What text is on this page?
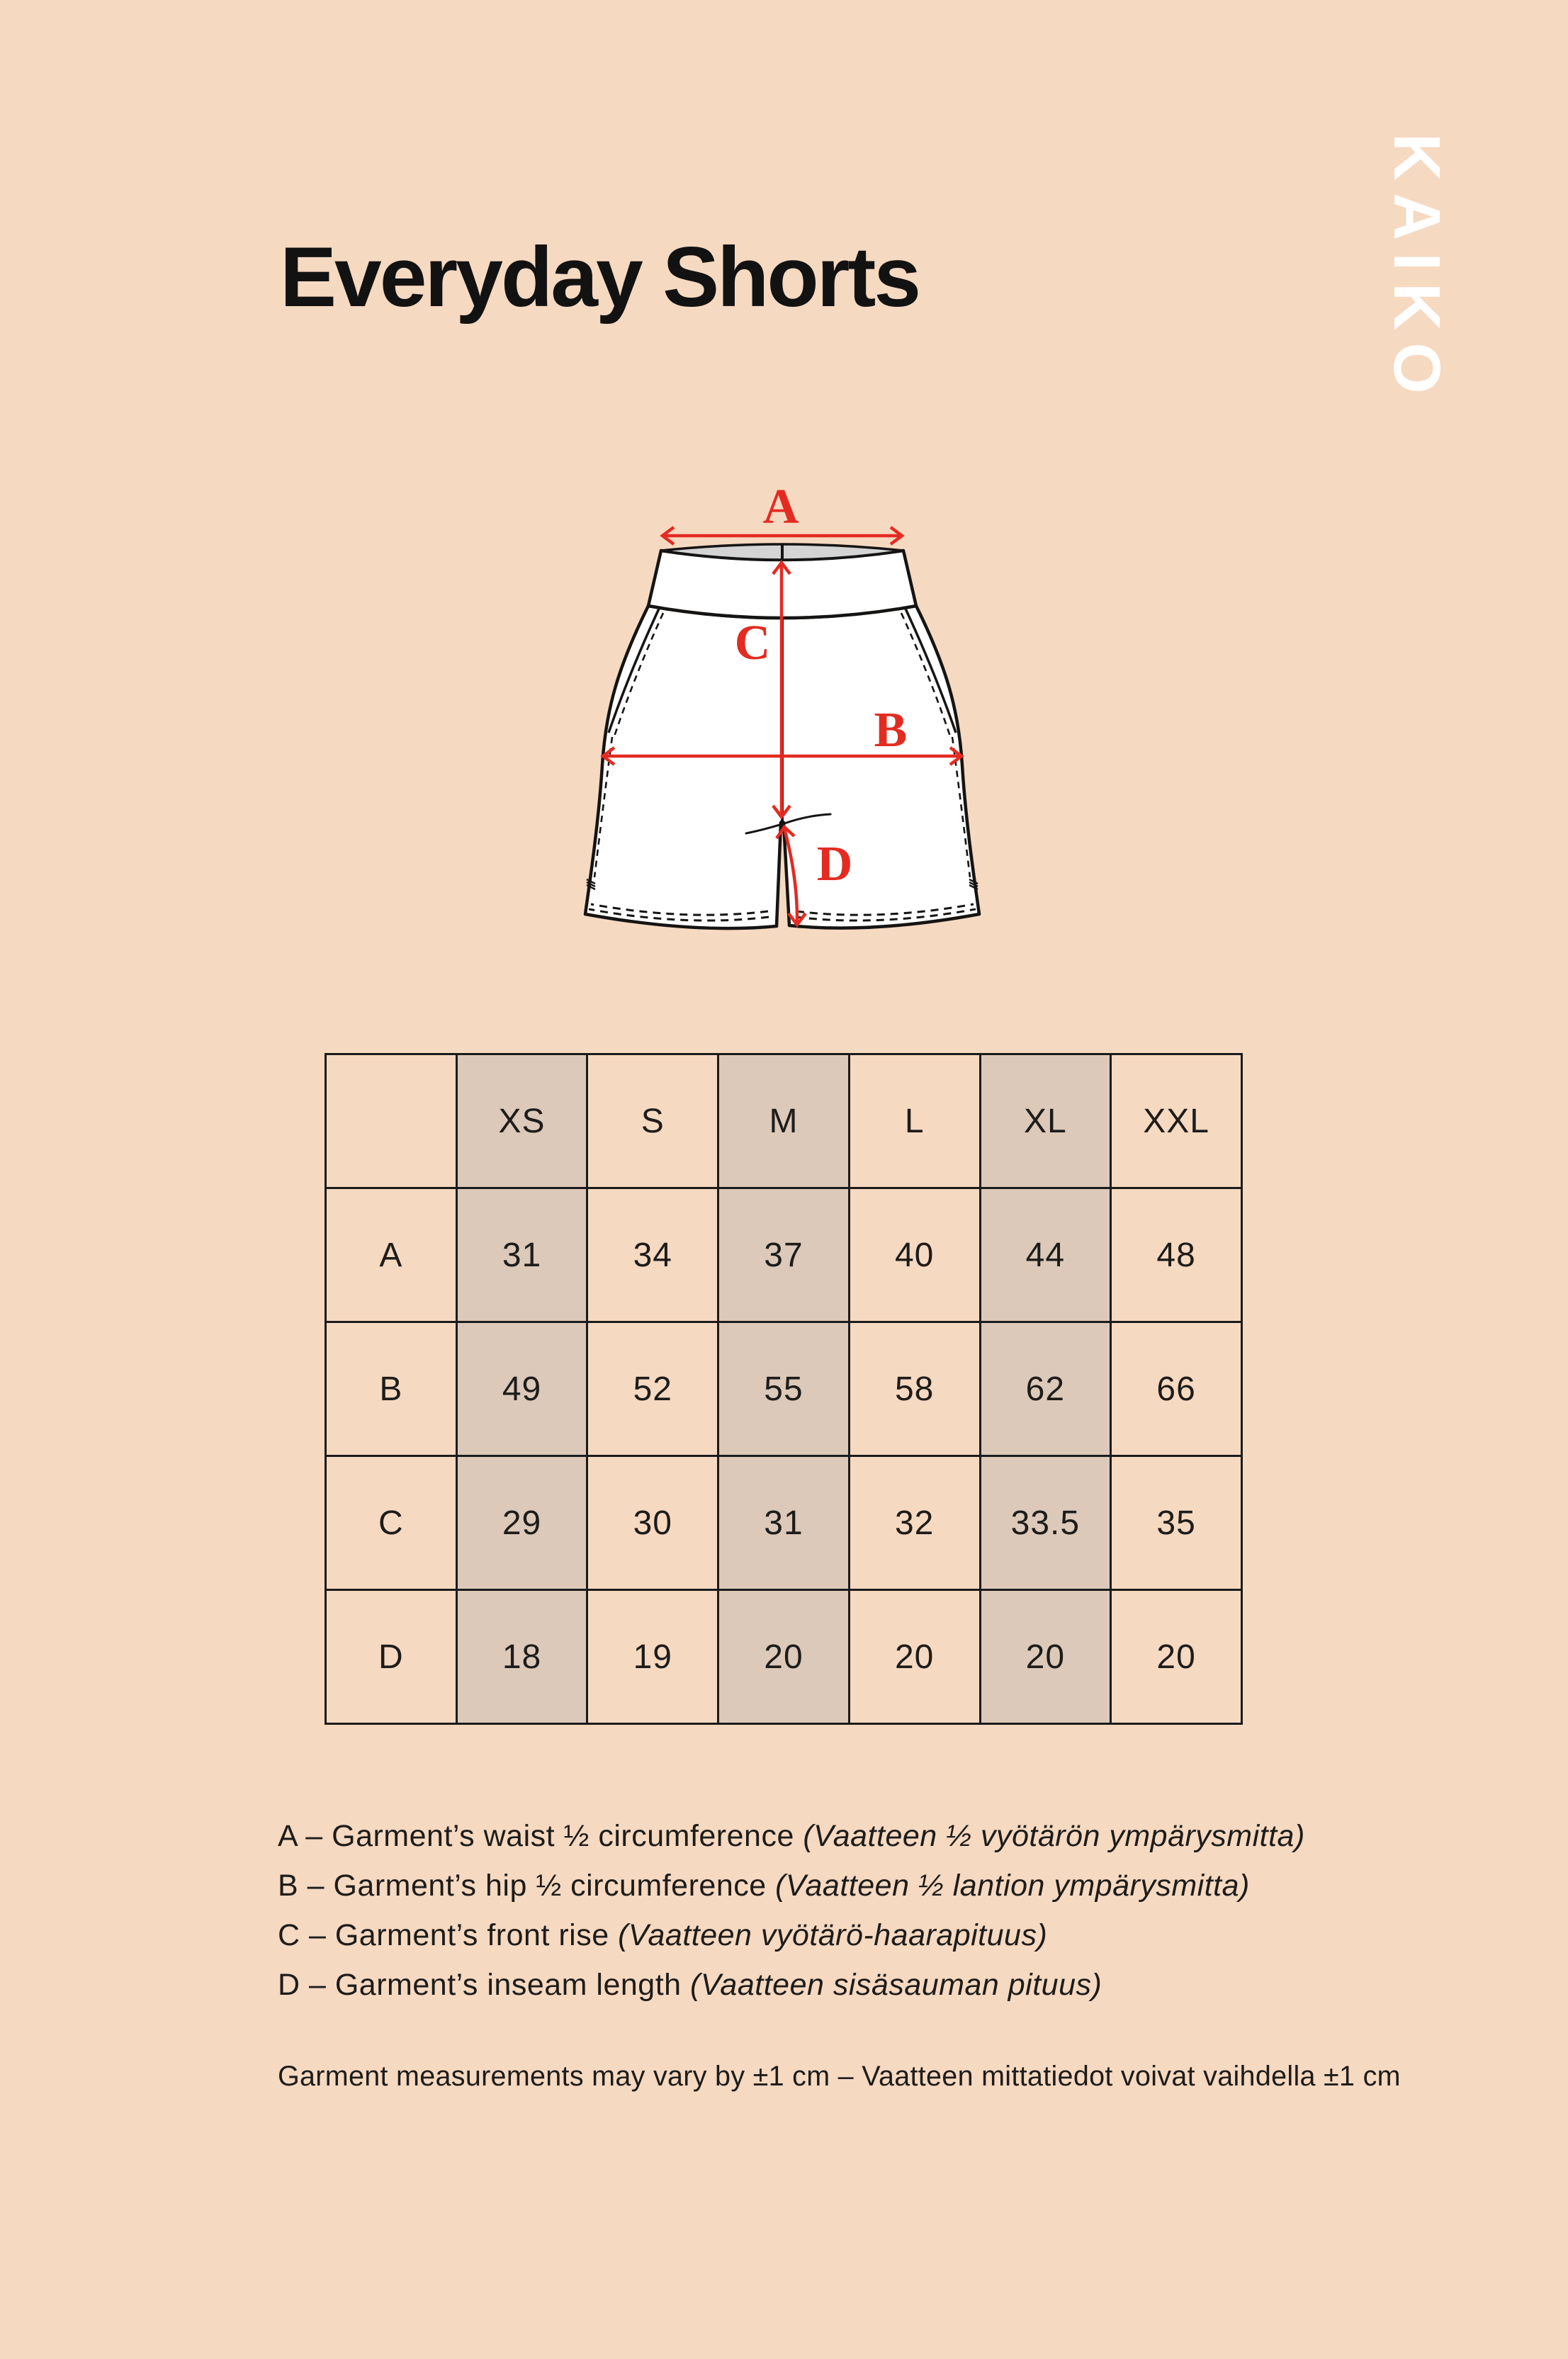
Everyday Shorts	KAIKO
A
C
B
D
	XS	S	M	L	XL	XXL
A	31	34	37	40	44	48
B	49	52	55	58	62	66
C	29	30	31	32	33.5	35
D	18	19	20	20	20	20
A – Garment’s waist ½ circumference (Vaatteen ½ vyötärön ympärysmitta)
B – Garment’s hip ½ circumference (Vaatteen ½ lantion ympärysmitta)
C – Garment’s front rise (Vaatteen vyötärö-haarapituus)
D – Garment’s inseam length (Vaatteen sisäsauman pituus)
Garment measurements may vary by ±1 cm – Vaatteen mittatiedot voivat vaihdella ±1 cm
